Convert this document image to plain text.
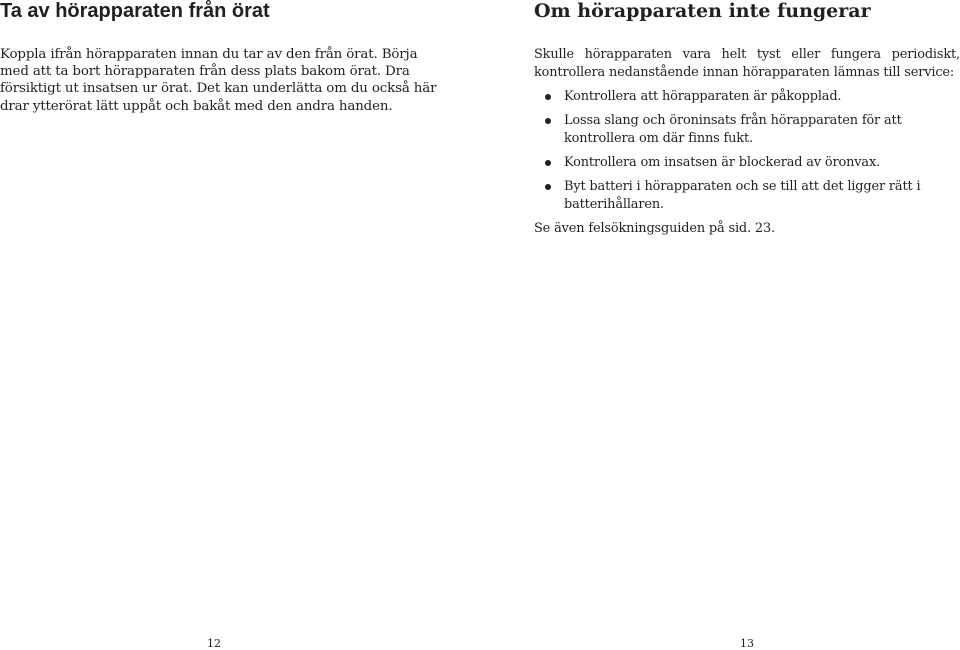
Ta av hörapparaten från örat

Koppla ifrån hörapparaten innan du tar av den från örat. Börja med att ta bort hörapparaten från dess plats bakom örat. Dra försiktigt ut insatsen ur örat. Det kan underlätta om du också här drar ytterörat lätt uppåt och bakåt med den andra handen.

12
Om hörapparaten inte fungerar

Skulle hörapparaten vara helt tyst eller fungera periodiskt, kontrollera nedanstående innan hörapparaten lämnas till service:

Kontrollera att hörapparaten är påkopplad.
Lossa slang och öroninsats från hörapparaten för att kontrollera om där finns fukt.
Kontrollera om insatsen är blockerad av öronvax.
Byt batteri i hörapparaten och se till att det ligger rätt i batterihållaren.

Se även felsökningsguiden på sid. 23.

13
